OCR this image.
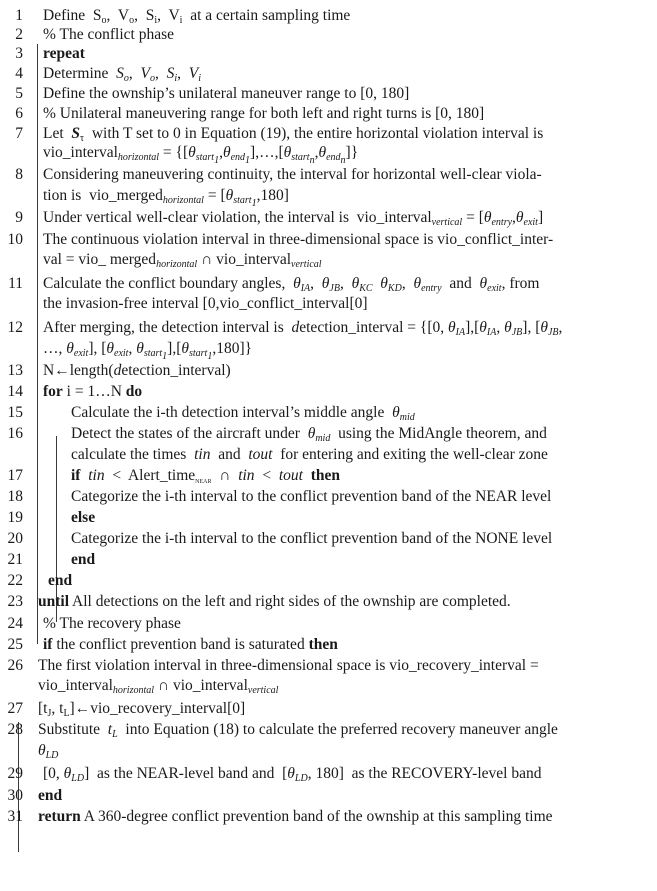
1 Define  $S_o$,  $V_o$,  $S_i$,  $V_i$  at a certain sampling time
2 % The conflict phase
3 repeat
4 Determine  $S_o$,  $V_o$,  $S_i$,  $V_i$
5 Define the ownship’s unilateral maneuver range to [0, 180]
6 % Unilateral maneuvering range for both left and right turns is [0, 180]
7 Let  $S_\tau$  with T set to 0 in Equation (19), the entire horizontal violation interval is
vio_interval$_{horizontal}$ = $\{[\theta_{start_1},\theta_{end_1}],\dots,[\theta_{start_n},\theta_{end_n}]\}$
8 Considering maneuvering continuity, the interval for horizontal well-clear viola-
tion is  vio_merged$_{horizontal}$ = $[\theta_{start_1},180]$
9 Under vertical well-clear violation, the interval is  vio_interval$_{vertical}$ = $[\theta_{entry},\theta_{exit}]$
10 The continuous violation interval in three-dimensional space is vio_conflict_inter-
val = vio_ merged$_{horizontal}$ ∩ vio_interval$_{vertical}$
11 Calculate the conflict boundary angles,  $\theta_{IA}$,  $\theta_{JB}$,  $\theta_{KC}$ $\theta_{KD}$,  $\theta_{entry}$  and  $\theta_{exit}$, from
the invasion-free interval [0,vio_conflict_interval[0]
12 After merging, the detection interval is  detection_interval = {[0, $\theta_{IA}],[\theta_{IA}$, $\theta_{JB}$], [$\theta_{JB}$,
…, $\theta_{exit}$], [$\theta_{exit}$, $\theta_{start_1}],[\theta_{start_1},180]$}
13 N←length(detection_interval)
14 for i = 1…N do
15	Calculate the i-th detection interval’s middle angle  $\theta_{mid}$
16	Detect the states of the aircraft under  $\theta_{mid}$  using the MidAngle theorem, and
calculate the times  tin  and  tout  for entering and exiting the well-clear zone
17	if tin  <  Alert_time$_{NEAR}$  ∩  tin  <  tout then
18	Categorize the i-th interval to the conflict prevention band of the NEAR level
19	else
20	Categorize the i-th interval to the conflict prevention band of the NONE level
21	end
22 end
23 until All detections on the left and right sides of the ownship are completed.
24 % The recovery phase
25 if the conflict prevention band is saturated then
26 The first violation interval in three-dimensional space is vio_recovery_interval =
vio_interval$_{horizontal}$ ∩ vio_interval$_{vertical}$
27 [$t_J$, $t_L]\leftarrow vio\_recovery\_interval[0]$
28 Substitute  $t_L$  into Equation (18) to calculate the preferred recovery maneuver angle
$\theta_{LD}$
29 [0, $\theta_{LD}$]  as the NEAR-level band and  [$\theta_{LD}$, 180]  as the RECOVERY-level band
30 end
31 return A 360-degree conflict prevention band of the ownship at this sampling time
